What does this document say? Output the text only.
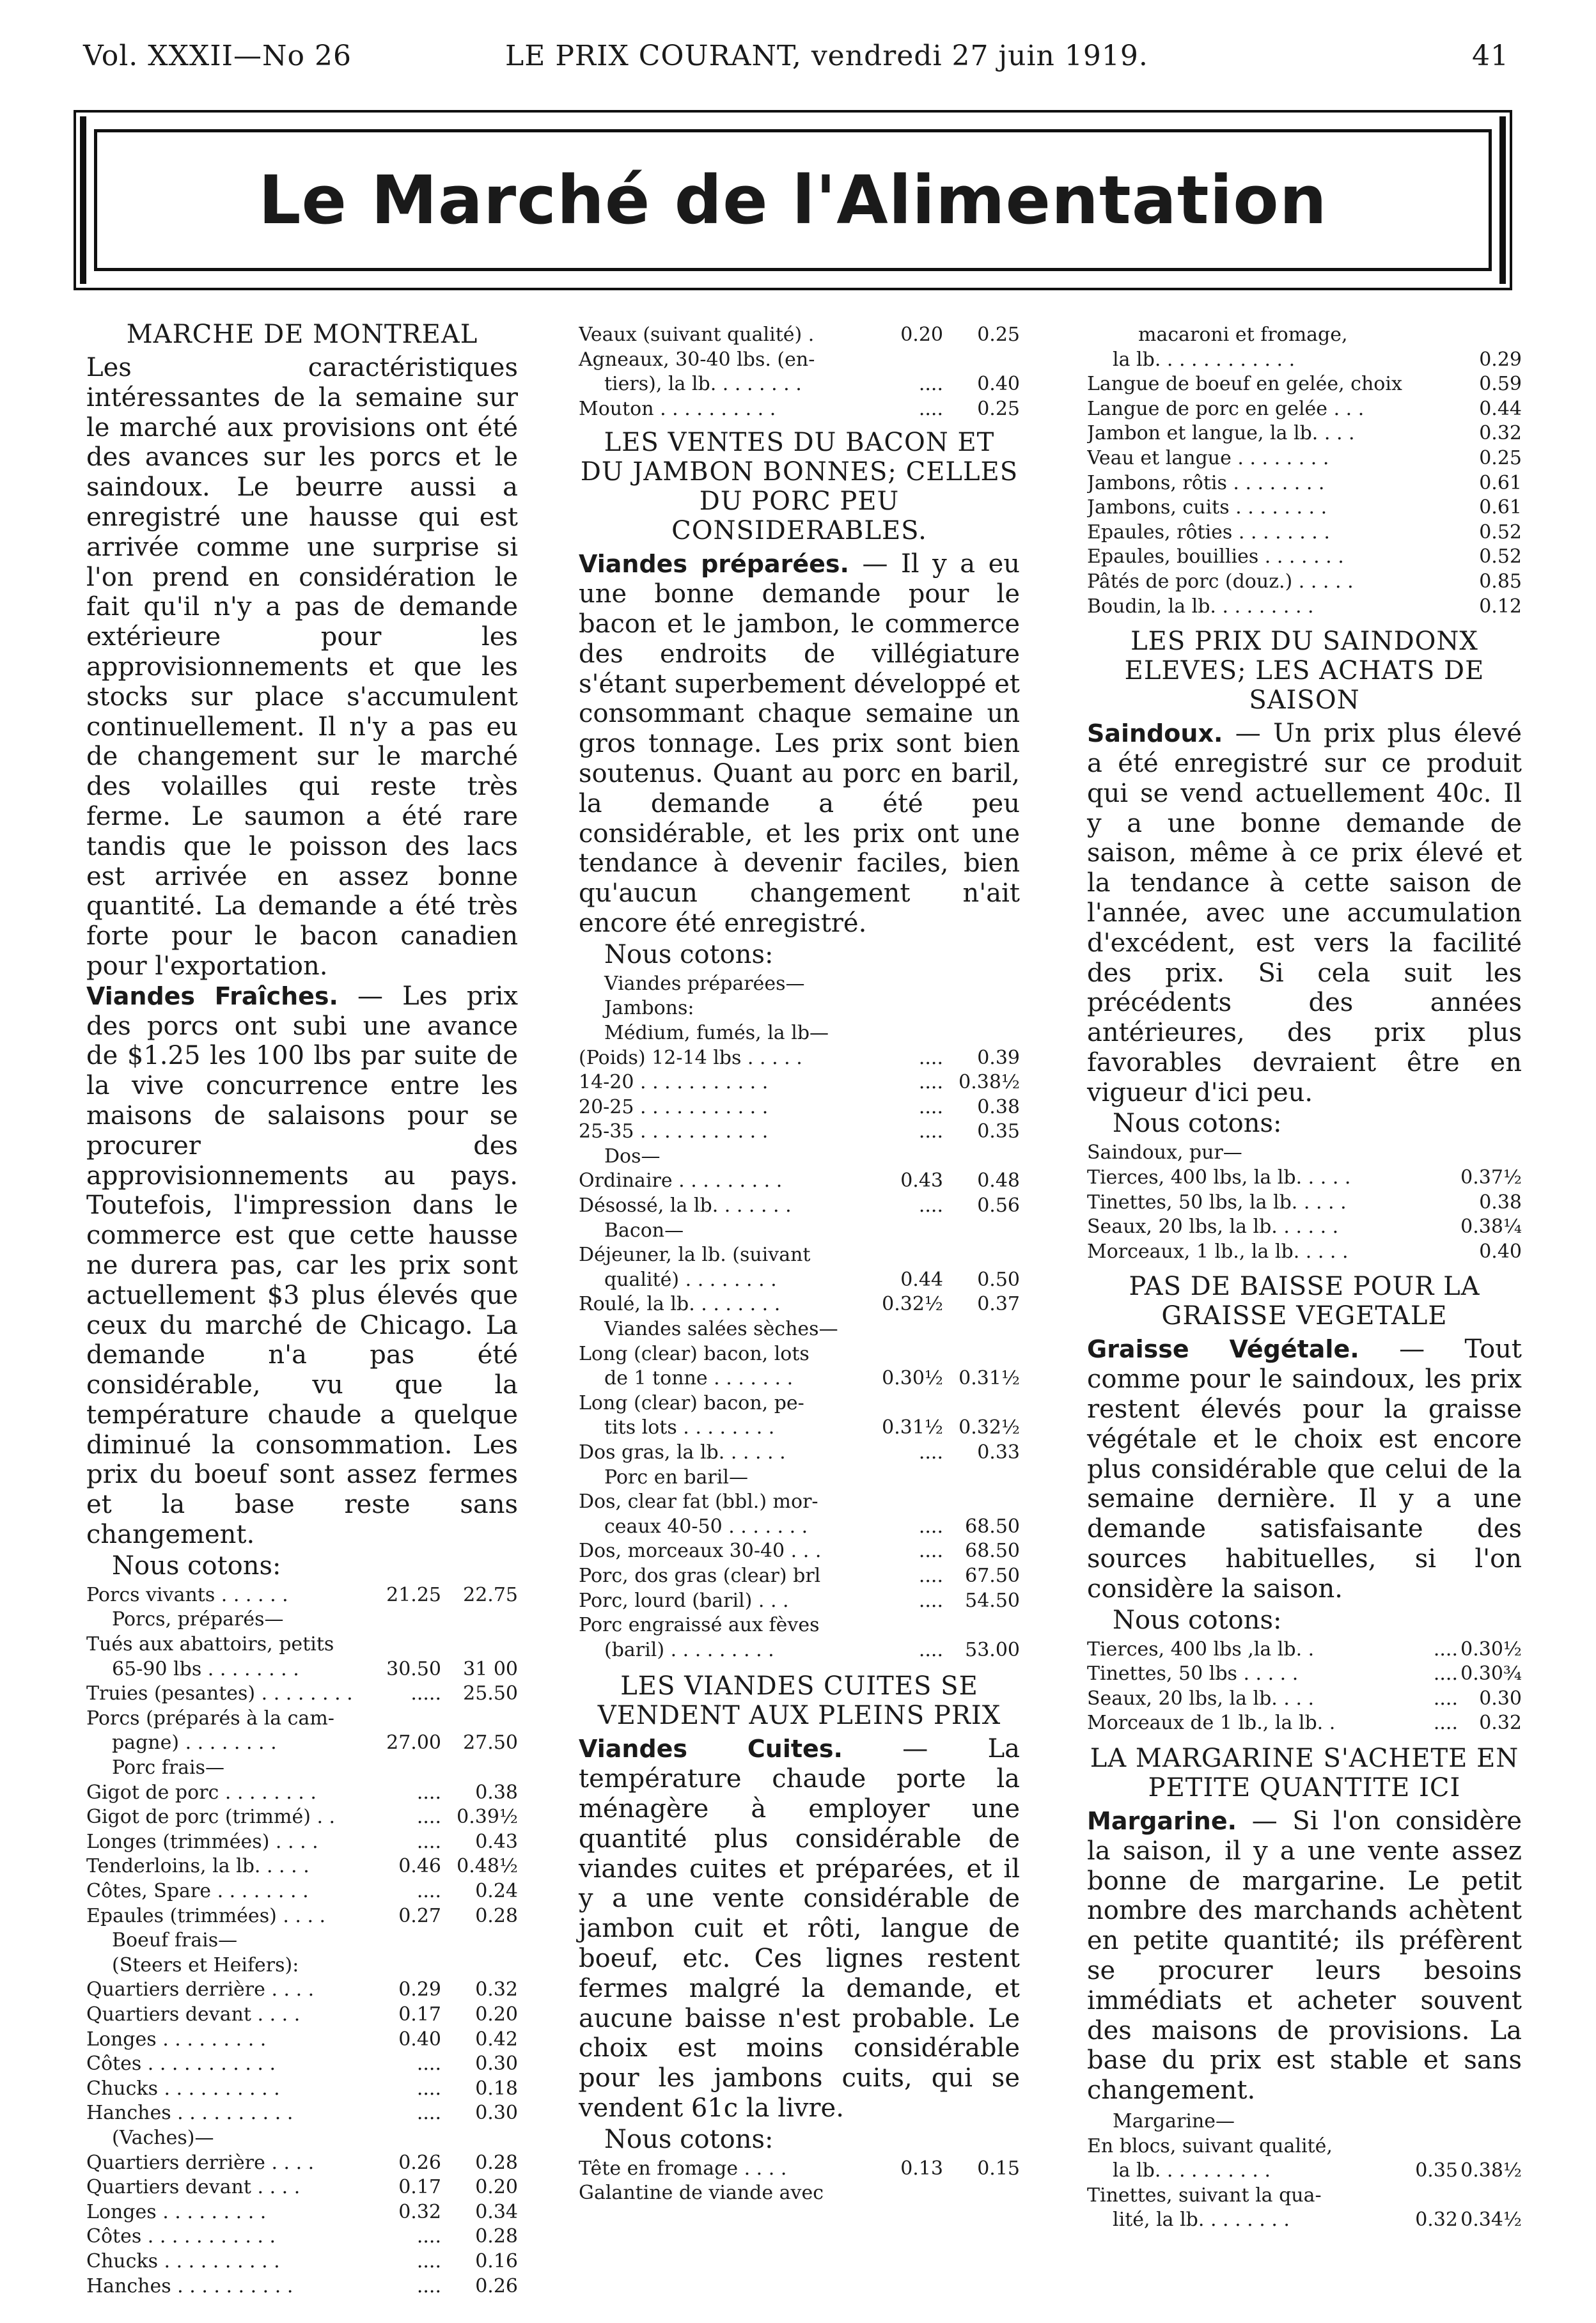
Vol. XXXII—No 26	LE PRIX COURANT, vendredi 27 juin 1919.	41
Le Marché de l'Alimentation
MARCHE DE MONTREAL

Les caractéristiques intéressantes de la semaine sur le marché aux provisions ont été des avances sur les porcs et le saindoux. Le beurre aussi a enregistré une hausse qui est arrivée comme une surprise si l'on prend en considération le fait qu'il n'y a pas de demande extérieure pour les approvisionnements et que les stocks sur place s'accumulent continuellement. Il n'y a pas eu de changement sur le marché des volailles qui reste très ferme. Le saumon a été rare tandis que le poisson des lacs est arrivée en assez bonne quantité. La demande a été très forte pour le bacon canadien pour l'exportation.

Viandes Fraîches. — Les prix des porcs ont subi une avance de $1.25 les 100 lbs par suite de la vive concurrence entre les maisons de salaisons pour se procurer des approvisionnements au pays. Toutefois, l'impression dans le commerce est que cette hausse ne durera pas, car les prix sont actuellement $3 plus élevés que ceux du marché de Chicago. La demande n'a pas été considérable, vu que la température chaude a quelque diminué la consommation. Les prix du boeuf sont assez fermes et la base reste sans changement.

Nous cotons:
Porcs vivants . . . . . .	21.25	22.75
Porcs, préparés—
Tués aux abattoirs, petits
65-90 lbs . . . . . . . .	30.50	31 00
Truies (pesantes) . . . . . . . .	.....	25.50
Porcs (préparés à la cam-
pagne) . . . . . . . .	27.00	27.50
Porc frais—
Gigot de porc . . . . . . . .	....	0.38
Gigot de porc (trimmé) . .	.... 0.39½
Longes (trimmées) . . . .	....	0.43
Tenderloins, la lb. . . . .	0.46 0.48½
Côtes, Spare . . . . . . . .	....	0.24
Epaules (trimmées) . . . .	0.27	0.28
Boeuf frais—
(Steers et Heifers):
Quartiers derrière . . . .	0.29	0.32
Quartiers devant . . . .	0.17	0.20
Longes . . . . . . . . .	0.40	0.42
Côtes . . . . . . . . . . .	....	0.30
Chucks . . . . . . . . . .	....	0.18
Hanches . . . . . . . . . .	....	0.30
(Vaches)—
Quartiers derrière . . . .	0.26	0.28
Quartiers devant . . . .	0.17	0.20
Longes . . . . . . . . .	0.32	0.34
Côtes . . . . . . . . . . .	....	0.28
Chucks . . . . . . . . . .	....	0.16
Hanches . . . . . . . . . .	....	0.26
Veaux (suivant qualité) .	0.20	0.25
Agneaux, 30-40 lbs. (en-
tiers), la lb. . . . . . . .	....	0.40
Mouton . . . . . . . . . .	....	0.25
LES VENTES DU BACON ET DU JAMBON BONNES; CELLES DU PORC PEU CONSIDERABLES.

Viandes préparées. — Il y a eu une bonne demande pour le bacon et le jambon, le commerce des endroits de villégiature s'étant superbement développé et consommant chaque semaine un gros tonnage. Les prix sont bien soutenus. Quant au porc en baril, la demande a été peu considérable, et les prix ont une tendance à devenir faciles, bien qu'aucun changement n'ait encore été enregistré.

Nous cotons:
Viandes préparées—
Jambons:
Médium, fumés, la lb—
(Poids) 12-14 lbs . . . . .	....	0.39
14-20 . . . . . . . . . . .	.... 0.38½
20-25 . . . . . . . . . . .	....	0.38
25-35 . . . . . . . . . . .	....	0.35
Dos—
Ordinaire . . . . . . . . .	0.43	0.48
Désossé, la lb. . . . . . .	....	0.56
Bacon—
Déjeuner, la lb. (suivant
qualité) . . . . . . . .	0.44	0.50
Roulé, la lb. . . . . . . .	0.32½	0.37
Viandes salées sèches—
Long (clear) bacon, lots
de 1 tonne . . . . . . .	0.30½ 0.31½
Long (clear) bacon, pe-
tits lots . . . . . . . .	0.31½ 0.32½
Dos gras, la lb. . . . . .	....	0.33
Porc en baril—
Dos, clear fat (bbl.) mor-
ceaux 40-50 . . . . . . .	....	68.50
Dos, morceaux 30-40 . . .	....	68.50
Porc, dos gras (clear) brl	....	67.50
Porc, lourd (baril) . . .	....	54.50
Porc engraissé aux fèves
(baril) . . . . . . . . .	....	53.00
LES VIANDES CUITES SE VENDENT AUX PLEINS PRIX

Viandes Cuites. — La température chaude porte la ménagère à employer une quantité plus considérable de viandes cuites et préparées, et il y a une vente considérable de jambon cuit et rôti, langue de boeuf, etc. Ces lignes restent fermes malgré la demande, et aucune baisse n'est probable. Le choix est moins considérable pour les jambons cuits, qui se vendent 61c la livre.

Nous cotons:
Tête en fromage . . . .	0.13	0.15
Galantine de viande avec
macaroni et fromage,
la lb. . . . . . . . . . . .	0.29
Langue de boeuf en gelée, choix	0.59
Langue de porc en gelée . . .	0.44
Jambon et langue, la lb. . . .	0.32
Veau et langue . . . . . . . .	0.25
Jambons, rôtis . . . . . . . .	0.61
Jambons, cuits . . . . . . . .	0.61
Epaules, rôties . . . . . . . .	0.52
Epaules, bouillies . . . . . . .	0.52
Pâtés de porc (douz.) . . . . .	0.85
Boudin, la lb. . . . . . . . .	0.12
LES PRIX DU SAINDONX ELEVES; LES ACHATS DE SAISON

Saindoux. — Un prix plus élevé a été enregistré sur ce produit qui se vend actuellement 40c. Il y a une bonne demande de saison, même à ce prix élevé et la tendance à cette saison de l'année, avec une accumulation d'excédent, est vers la facilité des prix. Si cela suit les précédents des années antérieures, des prix plus favorables devraient être en vigueur d'ici peu.

Nous cotons:
Saindoux, pur—
Tierces, 400 lbs, la lb. . . . .	0.37½
Tinettes, 50 lbs, la lb. . . . .	0.38
Seaux, 20 lbs, la lb. . . . . .	0.38¼
Morceaux, 1 lb., la lb. . . . .	0.40
PAS DE BAISSE POUR LA GRAISSE VEGETALE

Graisse Végétale. — Tout comme pour le saindoux, les prix restent élevés pour la graisse végétale et le choix est encore plus considérable que celui de la semaine dernière. Il y a une demande satisfaisante des sources habituelles, si l'on considère la saison.

Nous cotons:
Tierces, 400 lbs ,la lb. .	.... 0.30½
Tinettes, 50 lbs . . . . .	.... 0.30¾
Seaux, 20 lbs, la lb. . . .	....	0.30
Morceaux de 1 lb., la lb. .	....	0.32
LA MARGARINE S'ACHETE EN PETITE QUANTITE ICI

Margarine. — Si l'on considère la saison, il y a une vente assez bonne de margarine. Le petit nombre des marchands achètent en petite quantité; ils préfèrent se procurer leurs besoins immédiats et acheter souvent des maisons de provisions. La base du prix est stable et sans changement.

Margarine—
En blocs, suivant qualité,
la lb. . . . . . . . . .	0.35 0.38½
Tinettes, suivant la qua-
lité, la lb. . . . . . . .	0.32 0.34½
